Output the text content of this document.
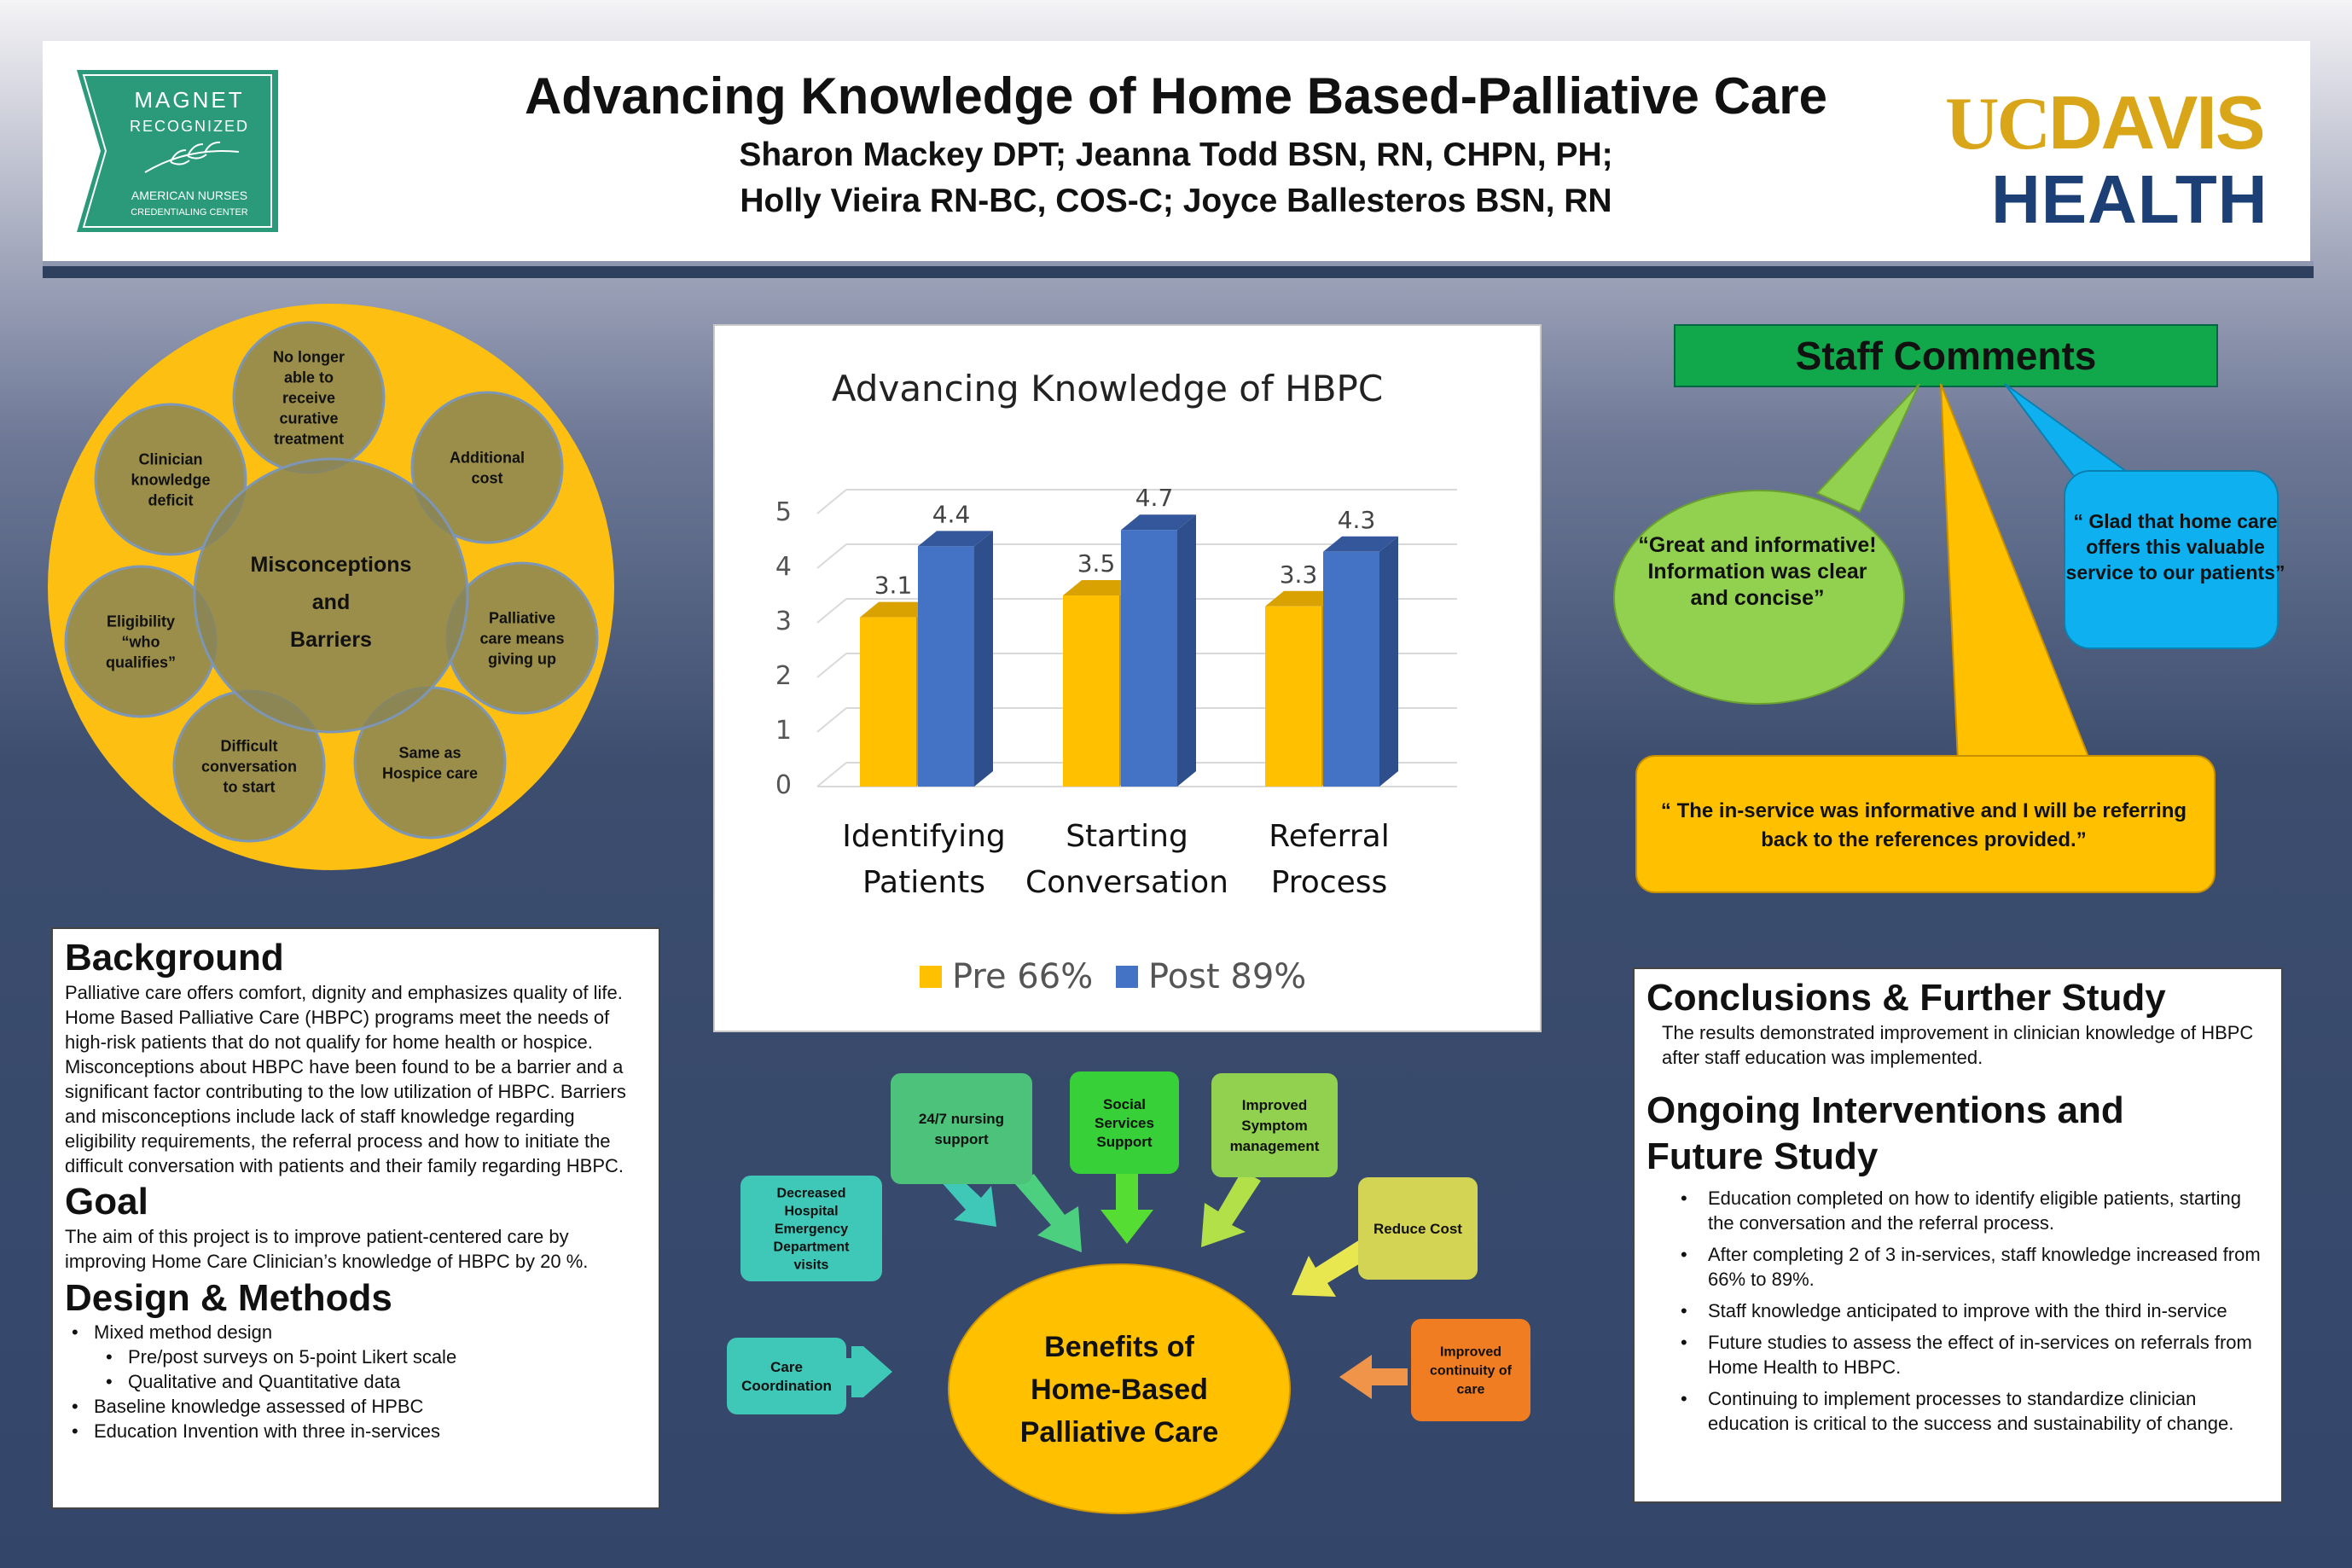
MAGNET
RECOGNIZED
AMERICAN NURSES
CREDENTIALING CENTER
Advancing Knowledge of Home Based-Palliative Care
Sharon Mackey DPT; Jeanna Todd BSN, RN, CHPN, PH;
Holly Vieira RN-BC, COS-C; Joyce Ballesteros BSN, RN
UCDAVIS
HEALTH
No longer
able to
receive
curative
treatment
Additional
cost
Palliative
care means
giving up
Same as
Hospice care
Difficult
conversation
to start
Eligibility
“who
qualifies”
Clinician
knowledge
deficit
Misconceptions
and
Barriers
0
1
2
3
4
5
Advancing Knowledge of HBPC
3.1
4.4
Identifying
Patients
3.5
4.7
Starting
Conversation
3.3
4.3
Referral
Process
Pre 66% Post 89%
Staff Comments
“Great and informative! Information was clear and concise”
“ Glad that home care offers this valuable service to our patients”
“ The in-service was informative and I will be referring back to the references provided.”

Background

Palliative care offers comfort, dignity and emphasizes quality of life. Home Based Palliative Care (HBPC) programs meet the needs of high-risk patients that do not qualify for home health or hospice. Misconceptions about HBPC have been found to be a barrier and a significant factor contributing to the low utilization of HBPC. Barriers and misconceptions include lack of staff knowledge regarding eligibility requirements, the referral process and how to initiate the difficult conversation with patients and their family regarding HBPC.

Goal

The aim of this project is to improve patient-centered care by improving Home Care Clinician’s knowledge of HBPC by 20 %.

Design & Methods

• Mixed method design
• Pre/post surveys on 5-point Likert scale
• Qualitative and Quantitative data
• Baseline knowledge assessed of HPBC
• Education Invention with three in-services

Conclusions & Further Study

The results demonstrated improvement in clinician knowledge of HBPC after staff education was implemented.

Ongoing Interventions and

Future Study

• Education completed on how to identify eligible patients, starting the conversation and the referral process.
• After completing 2 of 3 in-services, staff knowledge increased from 66% to 89%.
• Staff knowledge anticipated to improve with the third in-service
• Future studies to assess the effect of in-services on referrals from Home Health to HBPC.
• Continuing to implement processes to standardize clinician education is critical to the success and sustainability of change.
Benefits of
Home-Based
Palliative Care
Care
Coordination
Decreased
Hospital
Emergency
Department
visits
24/7 nursing
support
Social
Services
Support
Improved
Symptom
management
Reduce Cost
Improved
continuity of
care
